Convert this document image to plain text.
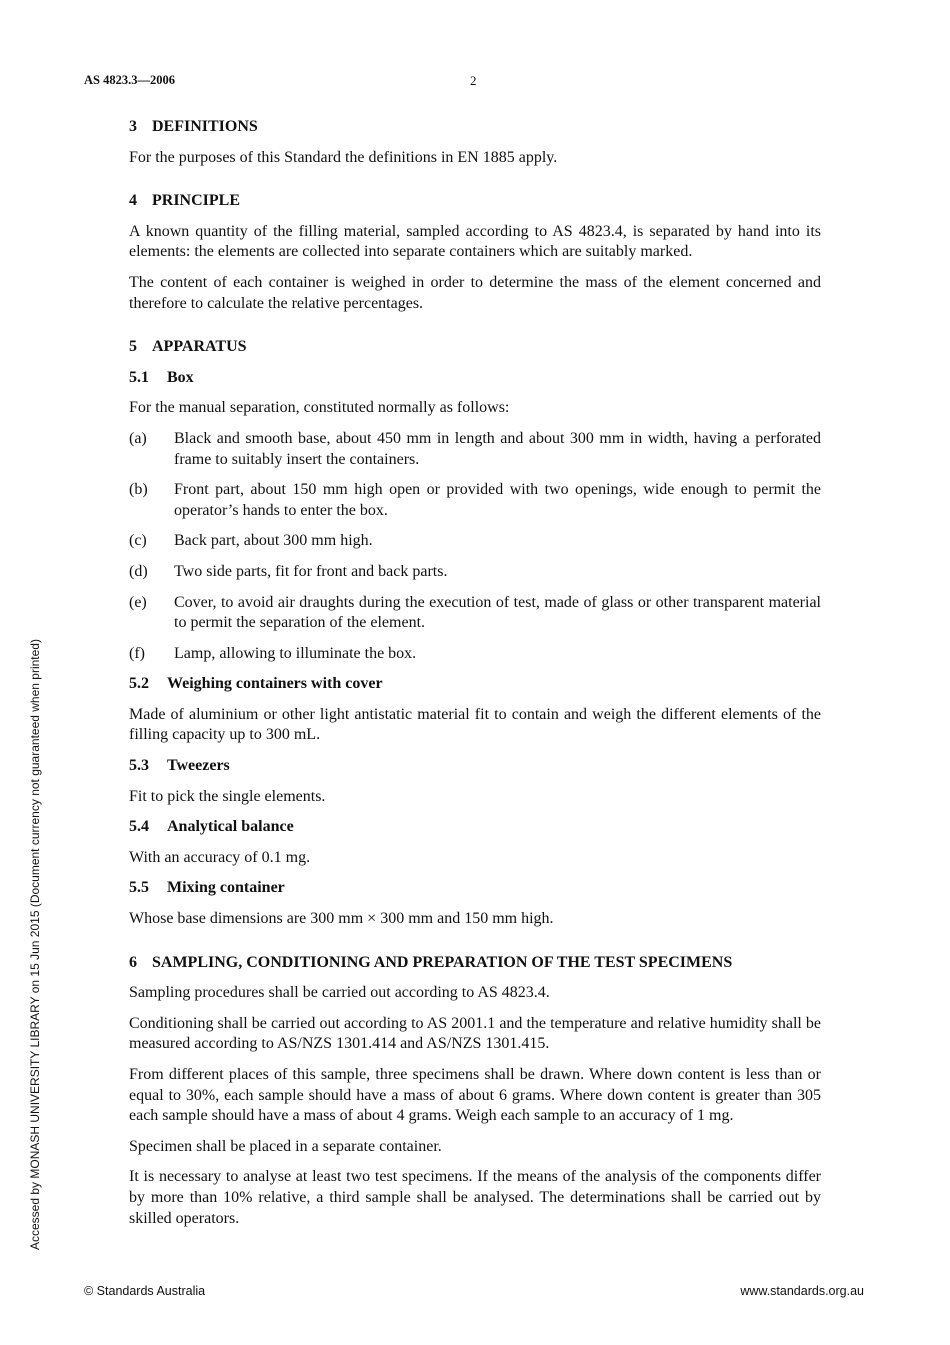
AS 4823.3—2006	2
Accessed by MONASH UNIVERSITY LIBRARY on 15 Jun 2015 (Document currency not guaranteed when printed)
3 DEFINITIONS

For the purposes of this Standard the definitions in EN 1885 apply.

4 PRINCIPLE

A known quantity of the filling material, sampled according to AS 4823.4, is separated by hand into its elements: the elements are collected into separate containers which are suitably marked.

The content of each container is weighed in order to determine the mass of the element concerned and therefore to calculate the relative percentages.

5 APPARATUS
5.1 Box

For the manual separation, constituted normally as follows:

(a)	Black and smooth base, about 450 mm in length and about 300 mm in width, having a perforated frame to suitably insert the containers.
(b)	Front part, about 150 mm high open or provided with two openings, wide enough to permit the operator’s hands to enter the box.
(c)	Back part, about 300 mm high.
(d)	Two side parts, fit for front and back parts.
(e)	Cover, to avoid air draughts during the execution of test, made of glass or other transparent material to permit the separation of the element.
(f)	Lamp, allowing to illuminate the box.
5.2 Weighing containers with cover

Made of aluminium or other light antistatic material fit to contain and weigh the different elements of the filling capacity up to 300 mL.

5.3 Tweezers

Fit to pick the single elements.

5.4 Analytical balance

With an accuracy of 0.1 mg.

5.5 Mixing container

Whose base dimensions are 300 mm × 300 mm and 150 mm high.

6 SAMPLING, CONDITIONING AND PREPARATION OF THE TEST SPECIMENS

Sampling procedures shall be carried out according to AS 4823.4.

Conditioning shall be carried out according to AS 2001.1 and the temperature and relative humidity shall be measured according to AS/NZS 1301.414 and AS/NZS 1301.415.

From different places of this sample, three specimens shall be drawn. Where down content is less than or equal to 30%, each sample should have a mass of about 6 grams. Where down content is greater than 305 each sample should have a mass of about 4 grams. Weigh each sample to an accuracy of 1 mg.

Specimen shall be placed in a separate container.

It is necessary to analyse at least two test specimens. If the means of the analysis of the components differ by more than 10% relative, a third sample shall be analysed. The determinations shall be carried out by skilled operators.

© Standards Australia	www.standards.org.au
